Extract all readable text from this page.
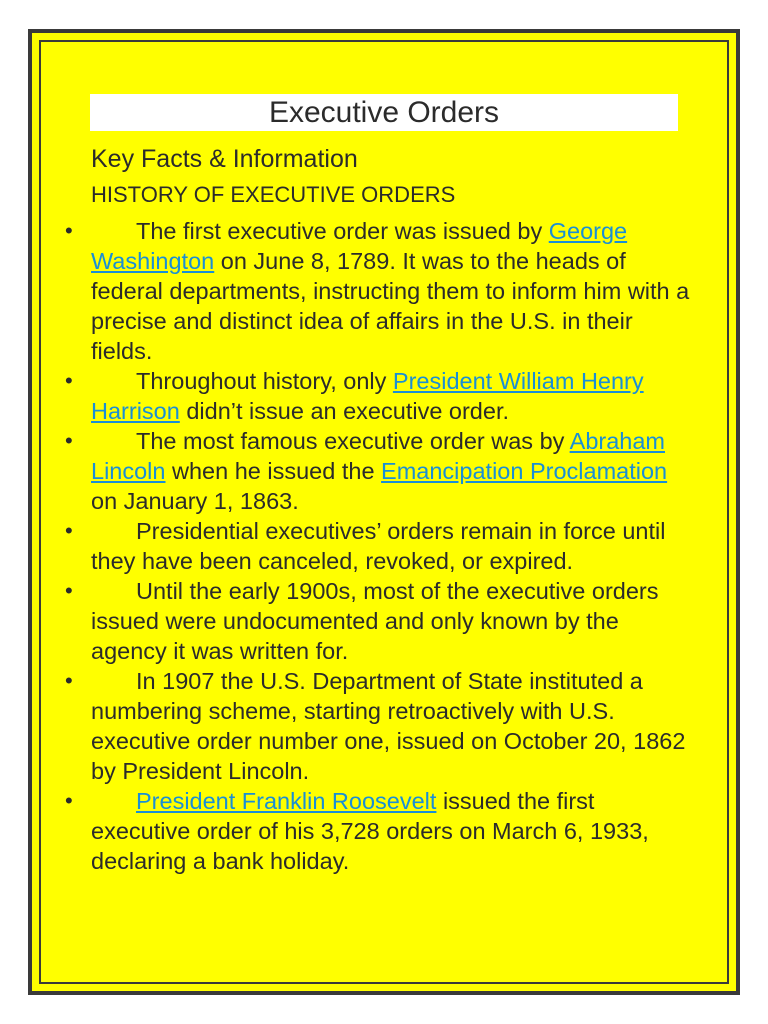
Executive Orders
Key Facts & Information
HISTORY OF EXECUTIVE ORDERS
•	The first executive order was issued by George Washington on June 8, 1789. It was to the heads of federal departments, instructing them to inform him with a precise and distinct idea of affairs in the U.S. in their fields.
•	Throughout history, only President William Henry Harrison didn’t issue an executive order.
•	The most famous executive order was by Abraham Lincoln when he issued the Emancipation Proclamation on January 1, 1863.
•	Presidential executives’ orders remain in force until they have been canceled, revoked, or expired.
•	Until the early 1900s, most of the executive orders issued were undocumented and only known by the agency it was written for.
•	In 1907 the U.S. Department of State instituted a numbering scheme, starting retroactively with U.S. executive order number one, issued on October 20, 1862 by President Lincoln.
•	President Franklin Roosevelt issued the first executive order of his 3,728 orders on March 6, 1933, declaring a bank holiday.
